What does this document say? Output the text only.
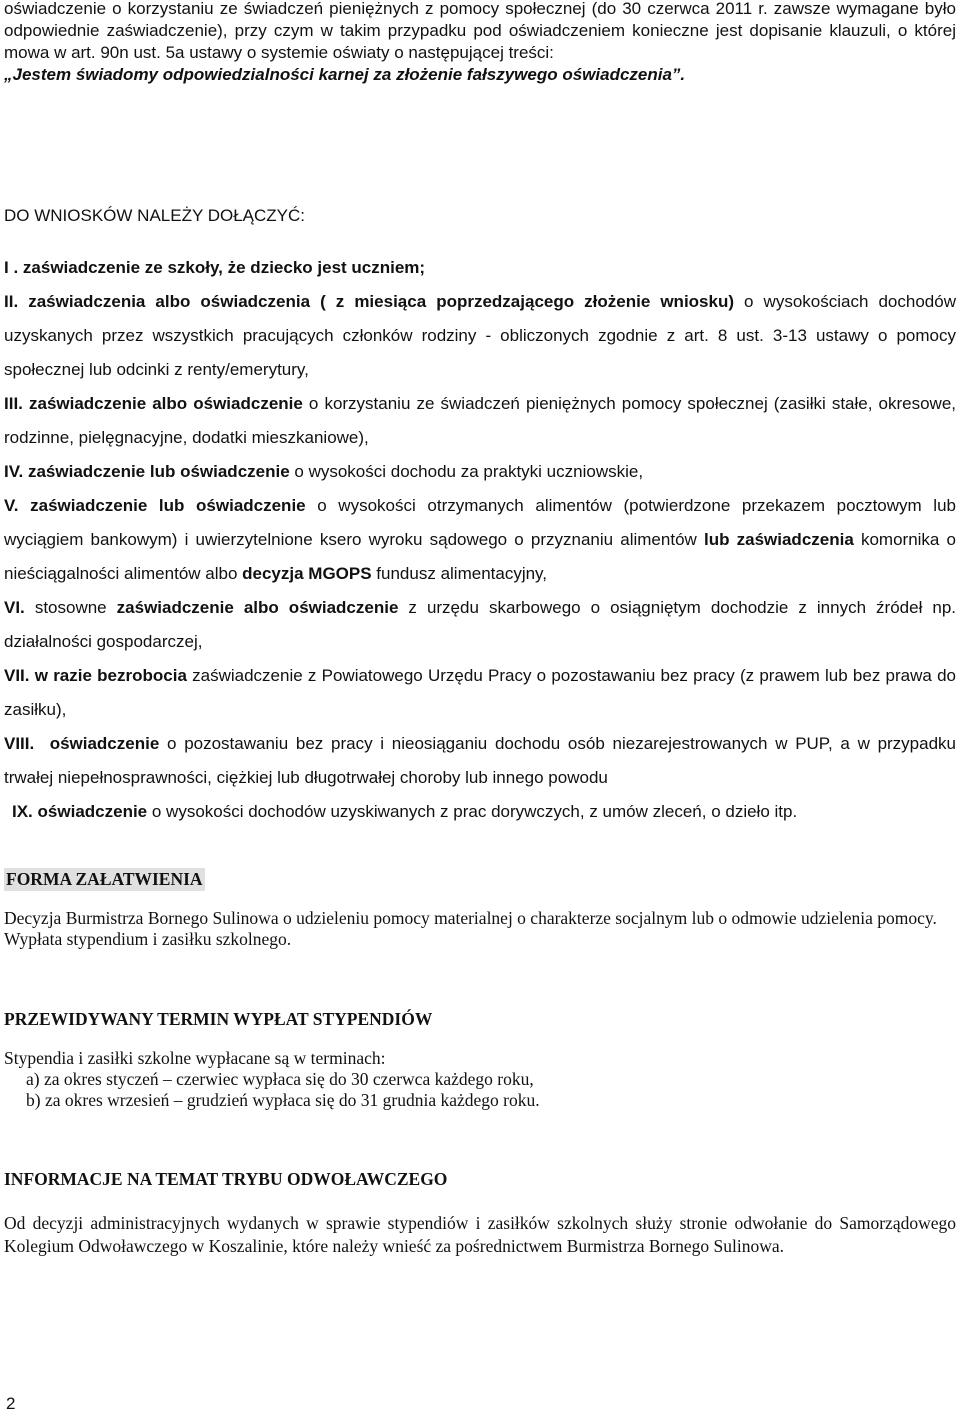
oświadczenie o korzystaniu ze świadczeń pieniężnych z pomocy społecznej (do 30 czerwca 2011 r. zawsze wymagane było odpowiednie zaświadczenie), przy czym w takim przypadku pod oświadczeniem konieczne jest dopisanie klauzuli, o której mowa w art. 90n ust. 5a ustawy o systemie oświaty o następującej treści:

„Jestem świadomy odpowiedzialności karnej za złożenie fałszywego oświadczenia”.

DO WNIOSKÓW NALEŻY DOŁĄCZYĆ:

I . zaświadczenie ze szkoły, że dziecko jest uczniem;

II. zaświadczenia albo oświadczenia ( z miesiąca poprzedzającego złożenie wniosku) o wysokościach dochodów uzyskanych przez wszystkich pracujących członków rodziny - obliczonych zgodnie z art. 8 ust. 3-13 ustawy o pomocy społecznej lub odcinki z renty/emerytury,

III. zaświadczenie albo oświadczenie o korzystaniu ze świadczeń pieniężnych pomocy społecznej (zasiłki stałe, okresowe, rodzinne, pielęgnacyjne, dodatki mieszkaniowe),

IV. zaświadczenie lub oświadczenie o wysokości dochodu za praktyki uczniowskie,

V. zaświadczenie lub oświadczenie o wysokości otrzymanych alimentów (potwierdzone przekazem pocztowym lub wyciągiem bankowym) i uwierzytelnione ksero wyroku sądowego o przyznaniu alimentów lub zaświadczenia komornika o nieściągalności alimentów albo decyzja MGOPS fundusz alimentacyjny,

VI. stosowne zaświadczenie albo oświadczenie z urzędu skarbowego o osiągniętym dochodzie z innych źródeł np. działalności gospodarczej,

VII. w razie bezrobocia zaświadczenie z Powiatowego Urzędu Pracy o pozostawaniu bez pracy (z prawem lub bez prawa do zasiłku),

VIII. oświadczenie o pozostawaniu bez pracy i nieosiąganiu dochodu osób niezarejestrowanych w PUP, a w przypadku trwałej niepełnosprawności, ciężkiej lub długotrwałej choroby lub innego powodu

IX. oświadczenie o wysokości dochodów uzyskiwanych z prac dorywczych, z umów zleceń, o dzieło itp.

FORMA ZAŁATWIENIA

Decyzja Burmistrza Bornego Sulinowa o udzieleniu pomocy materialnej o charakterze socjalnym lub o odmowie udzielenia pomocy.

Wypłata stypendium i zasiłku szkolnego.

PRZEWIDYWANY TERMIN WYPŁAT STYPENDIÓW

Stypendia i zasiłki szkolne wypłacane są w terminach:

a) za okres styczeń – czerwiec wypłaca się do 30 czerwca każdego roku,

b) za okres wrzesień – grudzień wypłaca się do 31 grudnia każdego roku.

INFORMACJE NA TEMAT TRYBU ODWOŁAWCZEGO

Od decyzji administracyjnych wydanych w sprawie stypendiów i zasiłków szkolnych służy stronie odwołanie do Samorządowego Kolegium Odwoławczego w Koszalinie, które należy wnieść za pośrednictwem Burmistrza Bornego Sulinowa.

2
